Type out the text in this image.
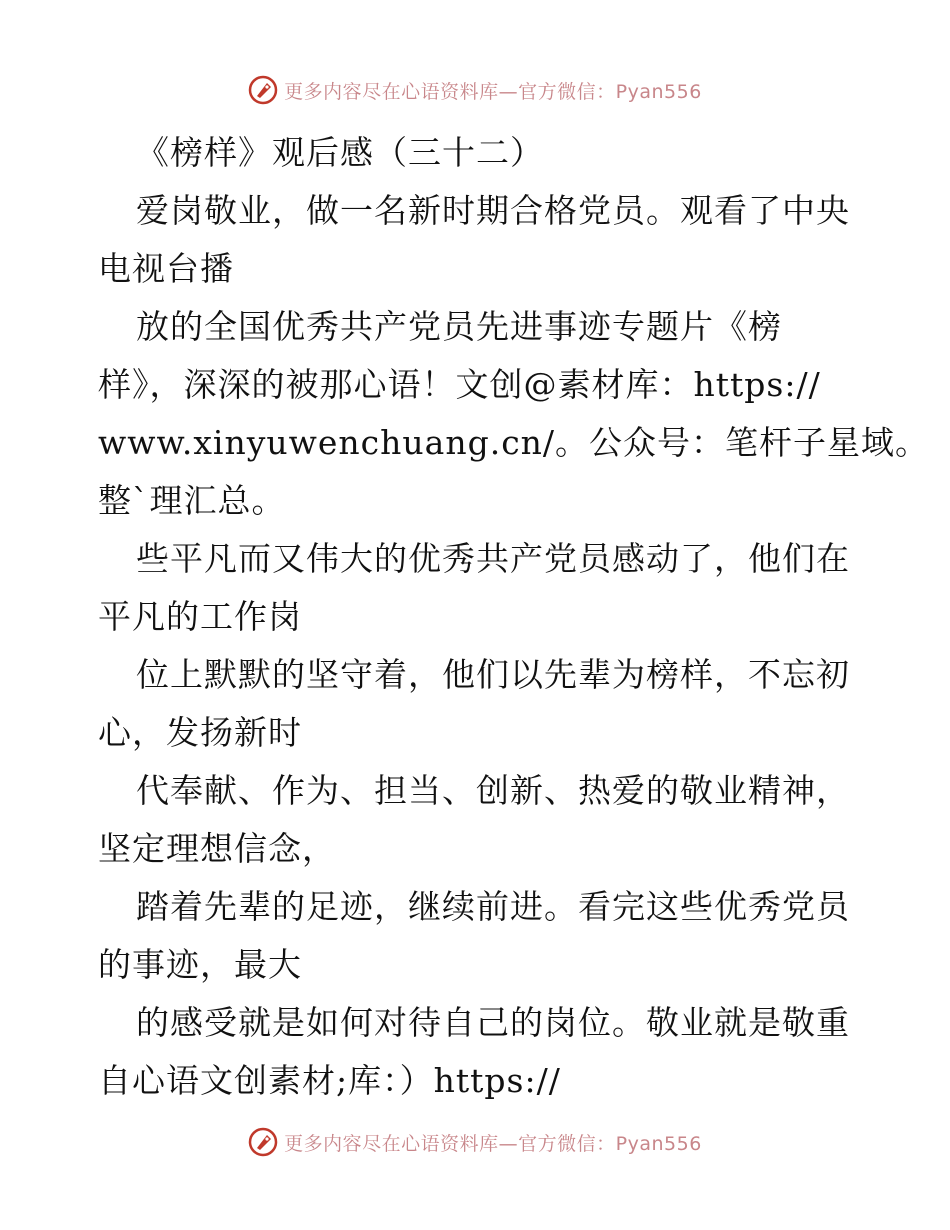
更多内容尽在心语资料库—官方微信：Pyan556
《榜样》观后感（三十二）
爱岗敬业，做一名新时期合格党员。观看了中央
电视台播
放的全国优秀共产党员先进事迹专题片《榜
样》，深深的被那心语！文创@素材库：https://
www.xinyuwenchuang.cn/。公众号：笔杆子星域。
整`理汇总。
些平凡而又伟大的优秀共产党员感动了，他们在
平凡的工作岗
位上默默的坚守着，他们以先辈为榜样，不忘初
心，发扬新时
代奉献、作为、担当、创新、热爱的敬业精神，
坚定理想信念，
踏着先辈的足迹，继续前进。看完这些优秀党员
的事迹，最大
的感受就是如何对待自己的岗位。敬业就是敬重
自心语文创素材;库：）https://
更多内容尽在心语资料库—官方微信：Pyan556
